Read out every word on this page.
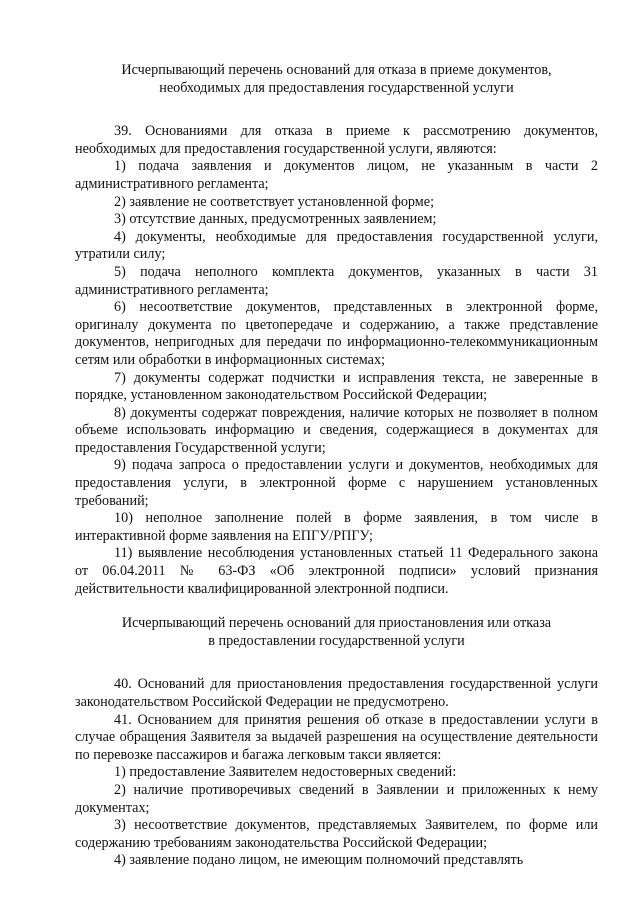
Исчерпывающий перечень оснований для отказа в приеме документов,
необходимых для предоставления государственной услуги

39. Основаниями для отказа в приеме к рассмотрению документов, необходимых для предоставления государственной услуги, являются:

1) подача заявления и документов лицом, не указанным в части 2 административного регламента;

2) заявление не соответствует установленной форме;

3) отсутствие данных, предусмотренных заявлением;

4) документы, необходимые для предоставления государственной услуги, утратили силу;

5) подача неполного комплекта документов, указанных в части 31 административного регламента;

6) несоответствие документов, представленных в электронной форме, оригиналу документа по цветопередаче и содержанию, а также представление документов, непригодных для передачи по информационно-телекоммуникационным сетям или обработки в информационных системах;

7) документы содержат подчистки и исправления текста, не заверенные в порядке, установленном законодательством Российской Федерации;

8) документы содержат повреждения, наличие которых не позволяет в полном объеме использовать информацию и сведения, содержащиеся в документах для предоставления Государственной услуги;

9) подача запроса о предоставлении услуги и документов, необходимых для предоставления услуги, в электронной форме с нарушением установленных требований;

10) неполное заполнение полей в форме заявления, в том числе в интерактивной форме заявления на ЕПГУ/РПГУ;

11) выявление несоблюдения установленных статьей 11 Федерального закона от 06.04.2011 № 63-ФЗ «Об электронной подписи» условий признания действительности квалифицированной электронной подписи.

Исчерпывающий перечень оснований для приостановления или отказа
в предоставлении государственной услуги

40. Оснований для приостановления предоставления государственной услуги законодательством Российской Федерации не предусмотрено.

41. Основанием для принятия решения об отказе в предоставлении услуги в случае обращения Заявителя за выдачей разрешения на осуществление деятельности по перевозке пассажиров и багажа легковым такси является:

1) предоставление Заявителем недостоверных сведений:

2) наличие противоречивых сведений в Заявлении и приложенных к нему документах;

3) несоответствие документов, представляемых Заявителем, по форме или содержанию требованиям законодательства Российской Федерации;

4) заявление подано лицом, не имеющим полномочий представлять
